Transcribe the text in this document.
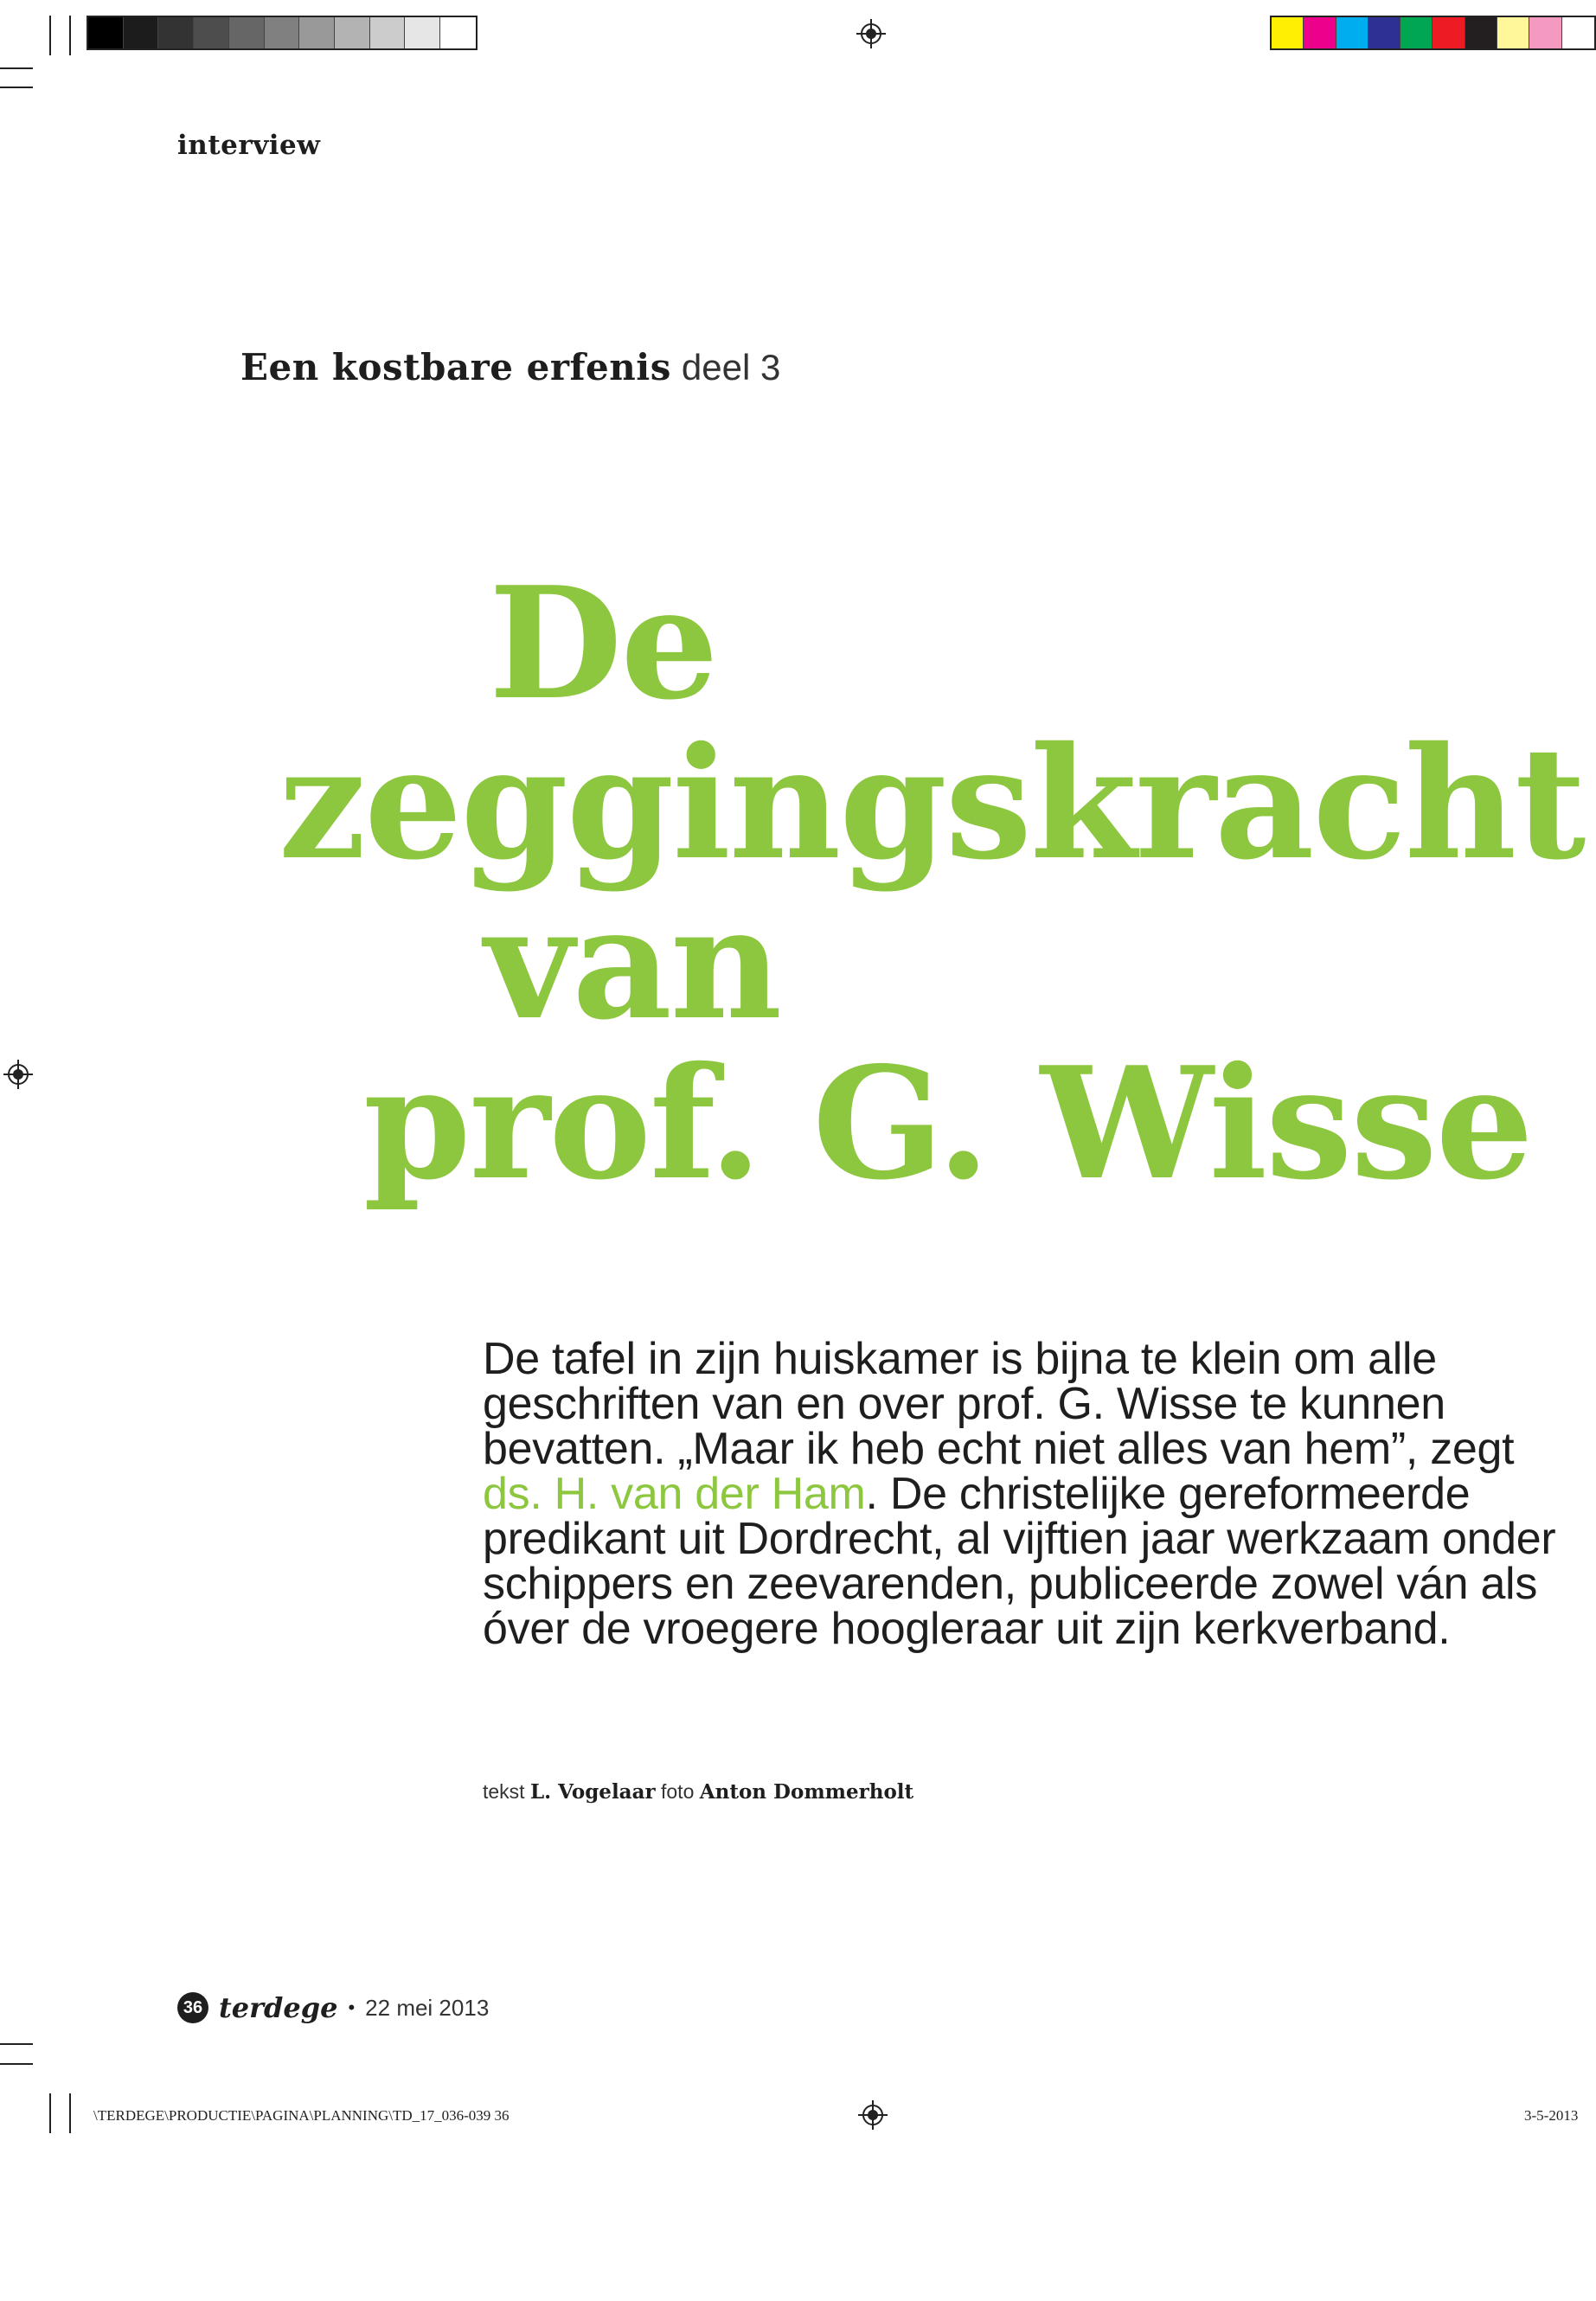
\TERDEGE\PRODUCTIE\PAGINA\PLANNING\TD_17_036-039 36	3-5-2013
interview
Een kostbare erfenis deel 3
De
zeggingskracht
van
prof. G. Wisse

De tafel in zijn huiskamer is bijna te klein om alle geschriften van en over prof. G. Wisse te kunnen bevatten. „Maar ik heb echt niet alles van hem”, zegt ds. H. van der Ham. De christelijke gereformeerde predikant uit Dordrecht, al vijftien jaar werkzaam onder schippers en zeevarenden, publiceerde zowel ván als óver de vroegere hoogleraar uit zijn kerkverband.

tekst L. Vogelaar foto Anton Dommerholt
36 terdege • 22 mei 2013
